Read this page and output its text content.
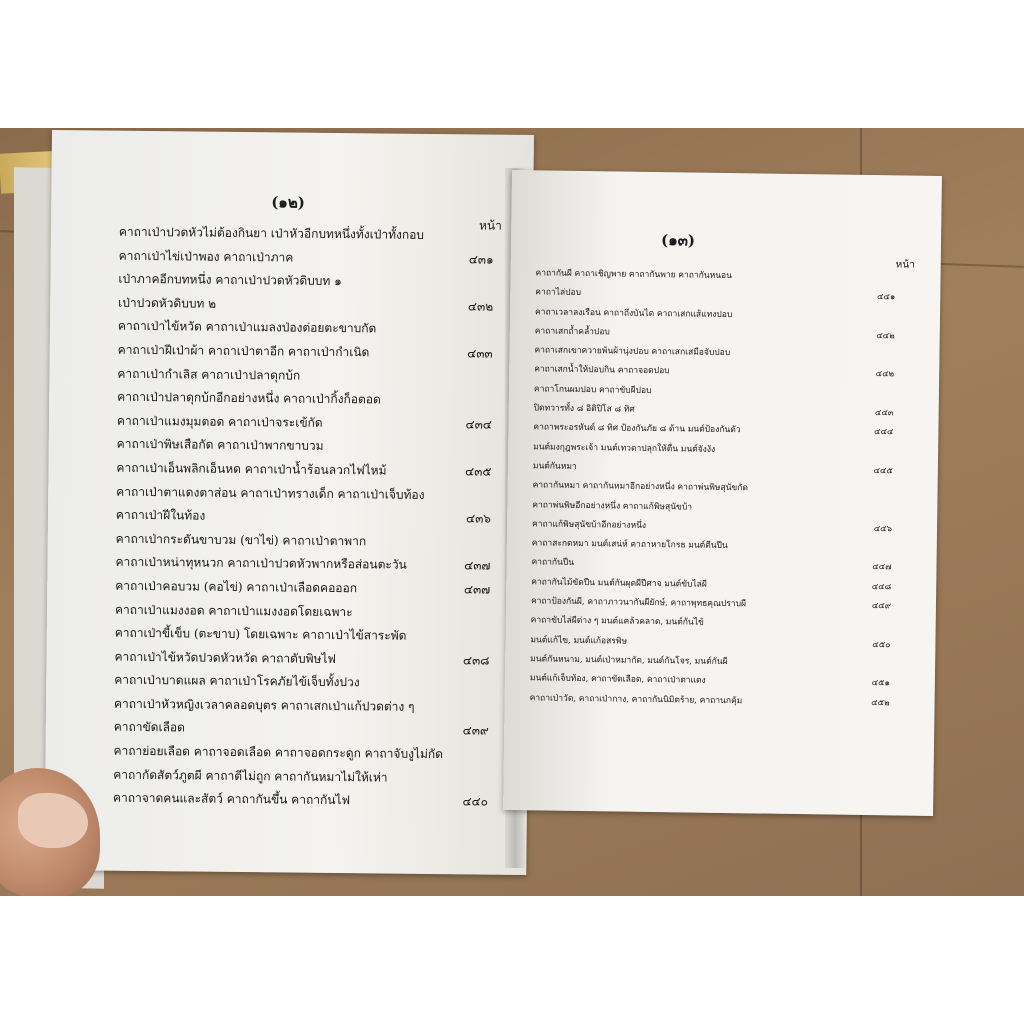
(๑๒)
หน้า
คาถาเป่าปวดหัวไม่ต้องกินยา เป่าหัวอีกบทหนึ่งทั้งเป่าทั้งกอบ
คาถาเป่าไข่เป่าพอง คาถาเป่าภาค	๔๓๑
เป่าภาคอีกบทหนึ่ง คาถาเป่าปวดหัวดิบบท ๑
เป่าปวดหัวดิบบท ๒	๔๓๒
คาถาเป่าไข้หวัด คาถาเป่าแมลงป่องต่อยตะขาบกัด
คาถาเป่าฝีเป่าผ้า คาถาเป่าตาอีก คาถาเป่ากำเนิด	๔๓๓
คาถาเป่ากำเลิส คาถาเป่าปลาดุกบ้ก
คาถาเป่าปลาดุกบ้กอีกอย่างหนึ่ง คาถาเป่ากิ้งก็อตอด
คาถาเป่าแมงมุมตอด คาถาเป่าจระเข้กัด	๔๓๔
คาถาเป่าพิษเสือกัด คาถาเป่าพากขาบวม
คาถาเป่าเอ็นพลิกเอ็นหด คาถาเป่าน้ำร้อนลวกไฟไหม้	๔๓๕
คาถาเป่าตาแดงตาส่อน คาถาเป่าทรางเด็ก คาถาเป่าเจ็บท้อง
คาถาเป่าฝีในท้อง	๔๓๖
คาถาเป่ากระดันขาบวม (ขาไข่) คาถาเป่าตาพาก
คาถาเป่าหน่าทุหนวก คาถาเป่าปวดหัวพากหรือส่อนตะวัน	๔๓๗
คาถาเป่าคอบวม (คอไข่) คาถาเป่าเลือดคอออก	๔๓๗
คาถาเป่าแมงงอด คาถาเป่าแมงงอดโดยเฉพาะ
คาถาเป่าขี้เข็บ (ตะขาบ) โดยเฉพาะ คาถาเป่าไข้สาระพัด
คาถาเป่าไข้หวัดปวดหัวหวัด คาถาดับพิษไฟ	๔๓๘
คาถาเป่าบาดแผล คาถาเป่าโรคภัยไข้เจ็บทั้งปวง
คาถาเป่าหัวหญิงเวลาคลอดบุตร คาถาเสกเป่าแก้ปวดต่าง ๆ
คาถาขัดเลือด	๔๓๙
คาถาย่อยเลือด คาถาจอดเลือด คาถาจอดกระดูก คาถาจับงูไม่กัด
คาถากัดสัตว์ภูตผี คาถาตีไม่ถูก คาถากันหมาไม่ให้เห่า
คาถาจาดคนและสัตว์ คาถากันขึ้น คาถากันไฟ	๔๔๐
(๑๓)
หน้า
คาถากันผี คาถาเชิญพาย คาถากันพาย คาถากันหนอน
คาถาไล่ปอบ	๔๔๑
คาถาเวลาลงเรือน คาถาถึงบันได คาถาเสกแส้แทงปอบ
คาถาเสกถ้ำคล้ำปอบ	๔๔๒
คาถาเสกเขาควายพ้นผ้านุ่งปอบ คาถาเสกเสมือจับปอบ
คาถาเสกน้ำให้ปอบกิน คาถาจอดปอบ	๔๔๒
คาถาโกนผมปอบ คาถาขับผีปอบ
ปิดทวารทั้ง ๘ อิติปิโส ๘ ทิศ	๔๔๓
คาถาพระอรหันต์ ๘ ทิศ ป้องกันภัย ๘ ด้าน มนต์ป้องกันตัว	๔๔๔
มนต์มงกุฎพระเจ้า มนต์เทวดาปลุกให้ตื่น มนต์จังงัง
มนต์กันหมา	๔๔๕
คาถากันหมา คาถากันหมาอีกอย่างหนึ่ง คาถาพ่นพิษสุนัขกัด
คาถาพ่นพิษอีกอย่างหนึ่ง คาถาแก้พิษสุนัขบ้า
คาถาแก้พิษสุนัขบ้าอีกอย่างหนึ่ง	๔๔๖
คาถาสะกดหมา มนต์เสน่ห์ คาถาหายโกรธ มนต์ตีนปีน
คาถากันปืน	๔๔๗
คาถากันไม้ขัดปืน มนต์กันผุดผีปีศาจ มนต์ขับไล่ผี	๔๔๘
คาถาป้องกันผี, คาถาภาวนากันผียักษ์, คาถาพุทธคุณปราบผี	๔๔๙
คาถาขับไล่ผีต่าง ๆ มนต์แคล้วคลาด, มนต์กันไข้
มนต์แก้ไข, มนต์แก้อสรพิษ	๔๕๐
มนต์กันหนาม, มนต์เป่าหมากัด, มนต์กันโจร, มนต์กันผี
มนต์แก้เจ็บท้อง, คาถาขัดเลือด, คาถาเป่าตาแดง	๔๕๑
คาถาเป่าวัด, คาถาเป่ากาง, คาถากันนิมิตร้าย, คาถานกคุ้ม	๔๕๒
